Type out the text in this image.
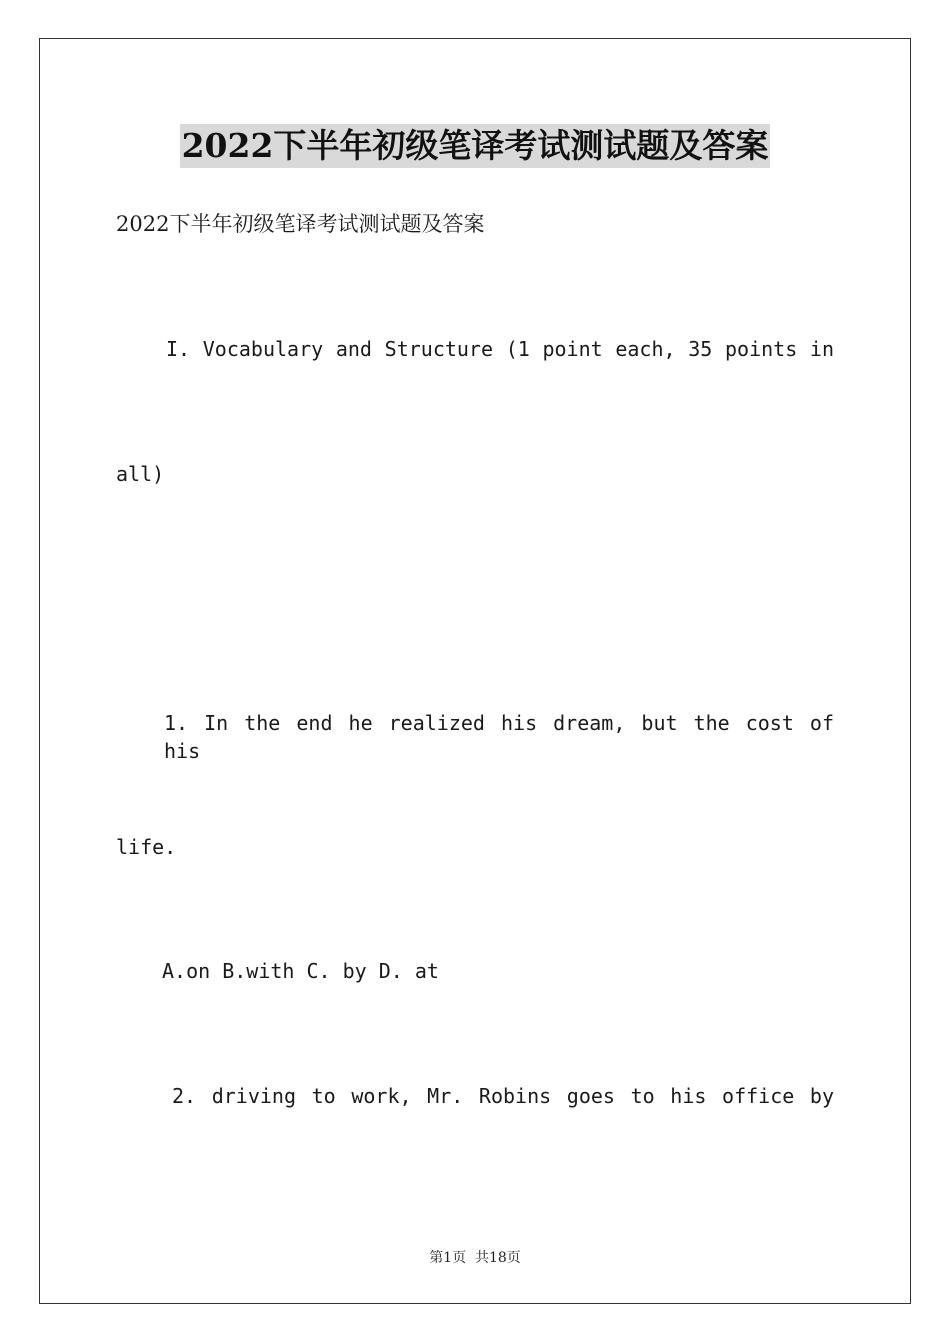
2022下半年初级笔译考试测试题及答案
2022下半年初级笔译考试测试题及答案
I. Vocabulary and Structure (1 point each, 35 points in
all)
1. In the end he realized his dream, but the cost of his
life.
A.on B.with C. by D. at
2. driving to work, Mr. Robins goes to his office by
第1页  共18页
